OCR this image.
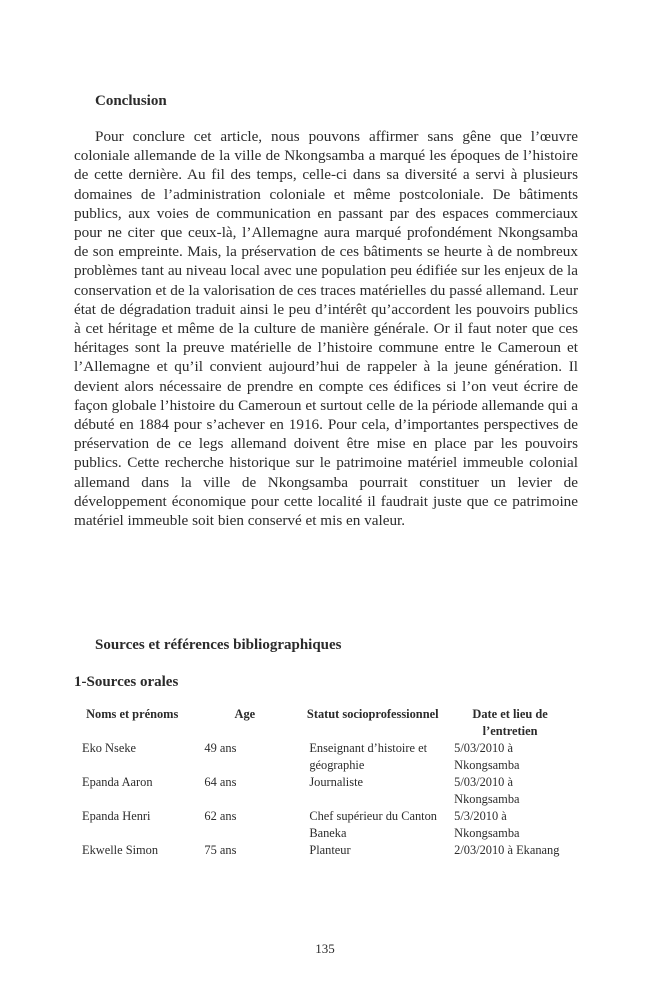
Conclusion

Pour conclure cet article, nous pouvons affirmer sans gêne que l’œuvre coloniale allemande de la ville de Nkongsamba a marqué les époques de l’histoire de cette dernière. Au fil des temps, celle-ci dans sa diversité a servi à plusieurs domaines de l’administration coloniale et même postcoloniale. De bâtiments publics, aux voies de communication en passant par des espaces commerciaux pour ne citer que ceux-là, l’Allemagne aura marqué profondément Nkongsamba de son empreinte. Mais, la préservation de ces bâtiments se heurte à de nombreux problèmes tant au niveau local avec une population peu édifiée sur les enjeux de la conservation et de la valorisation de ces traces matérielles du passé allemand. Leur état de dégradation traduit ainsi le peu d’intérêt qu’accordent les pouvoirs publics à cet héritage et même de la culture de manière générale. Or il faut noter que ces héritages sont la preuve matérielle de l’histoire commune entre le Cameroun et l’Allemagne et qu’il convient aujourd’hui de rappeler à la jeune génération. Il devient alors nécessaire de prendre en compte ces édifices si l’on veut écrire de façon globale l’histoire du Cameroun et surtout celle de la période allemande qui a débuté en 1884 pour s’achever en 1916. Pour cela, d’importantes perspectives de préservation de ce legs allemand doivent être mise en place par les pouvoirs publics. Cette recherche historique sur le patrimoine matériel immeuble colonial allemand dans la ville de Nkongsamba pourrait constituer un levier de développement économique pour cette localité il faudrait juste que ce patrimoine matériel immeuble soit bien conservé et mis en valeur.

Sources et références bibliographiques
1-Sources orales
Noms et prénoms	Age	Statut socioprofessionnel	Date et lieu de l’entretien
Eko Nseke	49 ans	Enseignant d’histoire et géographie	5/03/2010 à Nkongsamba
Epanda Aaron	64 ans	Journaliste	5/03/2010 à Nkongsamba
Epanda Henri	62 ans	Chef supérieur du Canton Baneka	5/3/2010 à Nkongsamba
Ekwelle Simon	75 ans	Planteur	2/03/2010 à Ekanang
135
